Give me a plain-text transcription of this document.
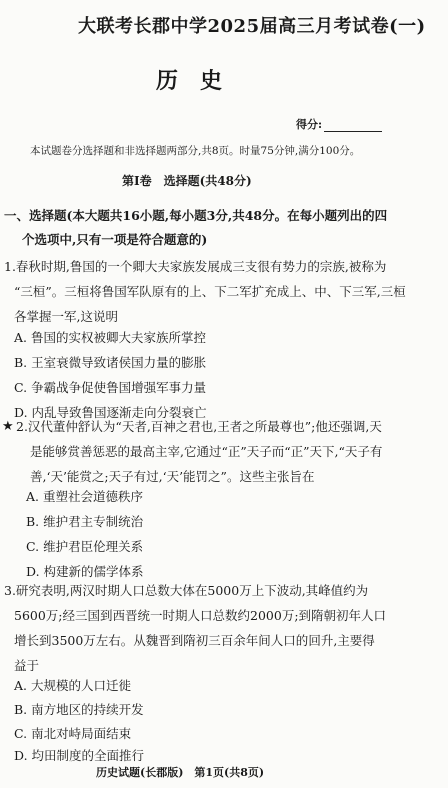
大联考长郡中学2025届高三月考试卷(一)
历史
得分:
本试题卷分选择题和非选择题两部分,共8页。时量75分钟,满分100分。
第Ⅰ卷　选择题(共48分)
一、选择题(本大题共16小题,每小题3分,共48分。在每小题列出的四
个选项中,只有一项是符合题意的)
1.春秋时期,鲁国的一个卿大夫家族发展成三支很有势力的宗族,被称为
“三桓”。三桓将鲁国军队原有的上、下二军扩充成上、中、下三军,三桓
各掌握一军,这说明
A. 鲁国的实权被卿大夫家族所掌控
B. 王室衰微导致诸侯国力量的膨胀
C. 争霸战争促使鲁国增强军事力量
D. 内乱导致鲁国逐渐走向分裂衰亡
★ 2.汉代董仲舒认为“天者,百神之君也,王者之所最尊也”;他还强调,天
是能够赏善惩恶的最高主宰,它通过“正”天子而“正”天下,“天子有
善,‘天’能赏之;天子有过,‘天’能罚之”。这些主张旨在
A. 重塑社会道德秩序
B. 维护君主专制统治
C. 维护君臣伦理关系
D. 构建新的儒学体系
3.研究表明,两汉时期人口总数大体在5000万上下波动,其峰值约为
5600万;经三国到西晋统一时期人口总数约2000万;到隋朝初年人口
增长到3500万左右。从魏晋到隋初三百余年间人口的回升,主要得
益于
A. 大规模的人口迁徙
B. 南方地区的持续开发
C. 南北对峙局面结束
D. 均田制度的全面推行
历史试题(长郡版)　第1页(共8页)
